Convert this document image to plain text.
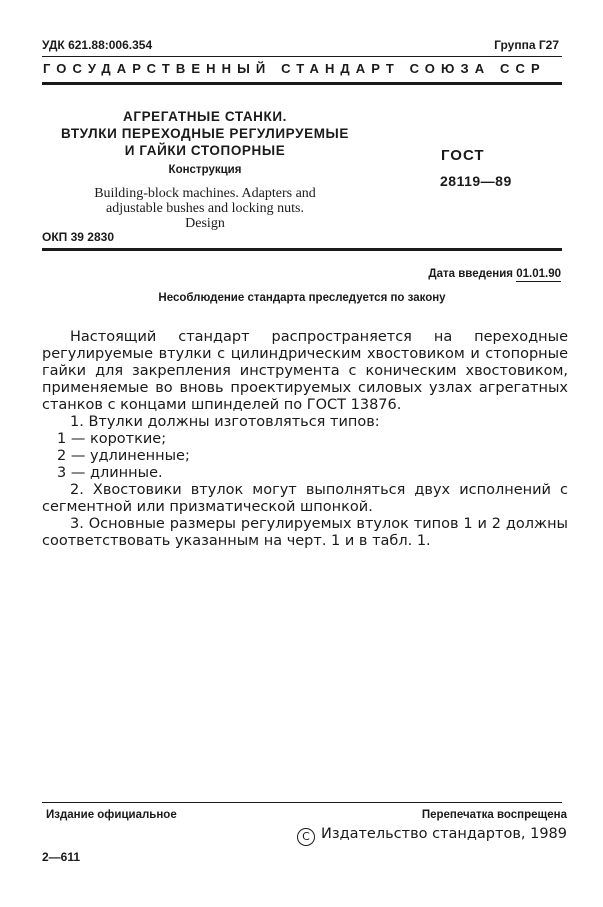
УДК 621.88:006.354	Группа Г27
ГОСУДАРСТВЕННЫЙ СТАНДАРТ СОЮЗА ССР
АГРЕГАТНЫЕ СТАНКИ.
ВТУЛКИ ПЕРЕХОДНЫЕ РЕГУЛИРУЕМЫЕ
И ГАЙКИ СТОПОРНЫЕ
Конструкция
Building-block machines. Adapters and
adjustable bushes and locking nuts.
Design
ГОСТ
28119—89
ОКП 39 2830
Дата введения 01.01.90
Несоблюдение стандарта преследуется по закону

Настоящий стандарт распространяется на переходные регулируемые втулки с цилиндрическим хвостовиком и стопорные гайки для закрепления инструмента с коническим хвостовиком, применяемые во вновь проектируемых силовых узлах агрегатных станков с концами шпинделей по ГОСТ 13876.

1. Втулки должны изготовляться типов:

1 — короткие;

2 — удлиненные;

3 — длинные.

2. Хвостовики втулок могут выполняться двух исполнений с сегментной или призматической шпонкой.

3. Основные размеры регулируемых втулок типов 1 и 2 должны соответствовать указанным на черт. 1 и в табл. 1.

Издание официальное	Перепечатка воспрещена
С Издательство стандартов, 1989
2—611
